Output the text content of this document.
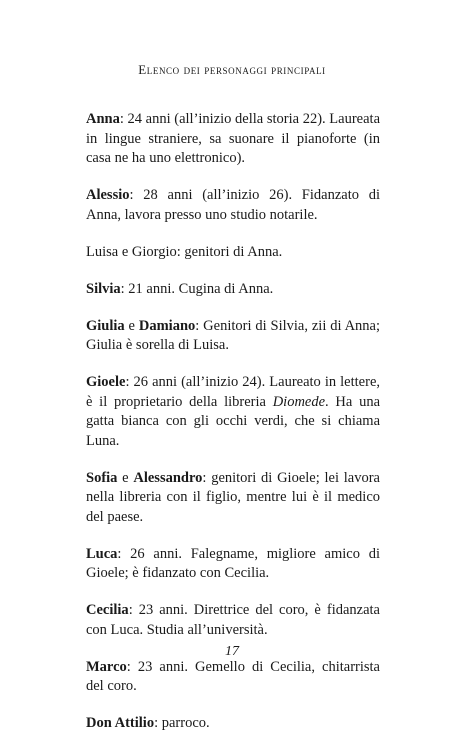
Elenco dei personaggi principali

Anna: 24 anni (all’inizio della storia 22). Laureata in lingue straniere, sa suonare il pianoforte (in casa ne ha uno elettronico).

Alessio: 28 anni (all’inizio 26). Fidanzato di Anna, lavora presso uno studio notarile.

Luisa e Giorgio: genitori di Anna.

Silvia: 21 anni. Cugina di Anna.

Giulia e Damiano: Genitori di Silvia, zii di Anna; Giulia è sorella di Luisa.

Gioele: 26 anni (all’inizio 24). Laureato in lettere, è il proprietario della libreria Diomede. Ha una gatta bianca con gli occhi verdi, che si chiama Luna.

Sofia e Alessandro: genitori di Gioele; lei lavora nella libreria con il figlio, mentre lui è il medico del paese.

Luca: 26 anni. Falegname, migliore amico di Gioele; è fidanzato con Cecilia.

Cecilia: 23 anni. Direttrice del coro, è fidanzata con Luca. Studia all’università.

Marco: 23 anni. Gemello di Cecilia, chitarrista del coro.

Don Attilio: parroco.

17
